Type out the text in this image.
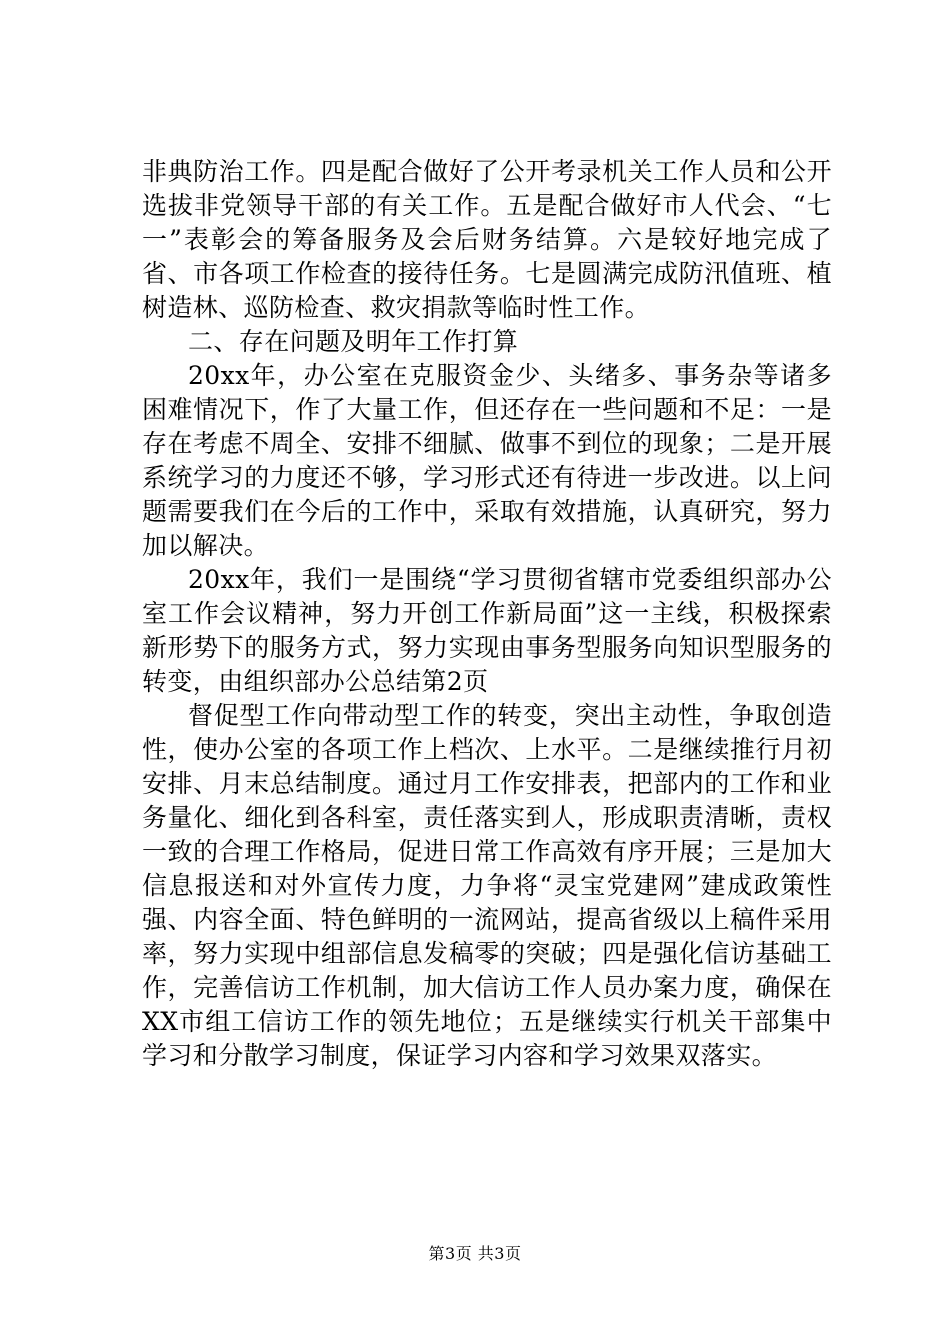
非典防治工作。四是配合做好了公开考录机关工作人员和公开选拔非党领导干部的有关工作。五是配合做好市人代会、“七一”表彰会的筹备服务及会后财务结算。六是较好地完成了省、市各项工作检查的接待任务。七是圆满完成防汛值班、植树造林、巡防检查、救灾捐款等临时性工作。

二、存在问题及明年工作打算

20xx年，办公室在克服资金少、头绪多、事务杂等诸多困难情况下，作了大量工作，但还存在一些问题和不足：一是存在考虑不周全、安排不细腻、做事不到位的现象；二是开展系统学习的力度还不够，学习形式还有待进一步改进。以上问题需要我们在今后的工作中，采取有效措施，认真研究，努力加以解决。

20xx年，我们一是围绕“学习贯彻省辖市党委组织部办公室工作会议精神，努力开创工作新局面”这一主线，积极探索新形势下的服务方式，努力实现由事务型服务向知识型服务的转变，由组织部办公总结第2页

督促型工作向带动型工作的转变，突出主动性，争取创造性，使办公室的各项工作上档次、上水平。二是继续推行月初安排、月末总结制度。通过月工作安排表，把部内的工作和业务量化、细化到各科室，责任落实到人，形成职责清晰，责权一致的合理工作格局，促进日常工作高效有序开展；三是加大信息报送和对外宣传力度，力争将“灵宝党建网”建成政策性强、内容全面、特色鲜明的一流网站，提高省级以上稿件采用率，努力实现中组部信息发稿零的突破；四是强化信访基础工作，完善信访工作机制，加大信访工作人员办案力度，确保在XX市组工信访工作的领先地位；五是继续实行机关干部集中学习和分散学习制度，保证学习内容和学习效果双落实。

第3页 共3页
